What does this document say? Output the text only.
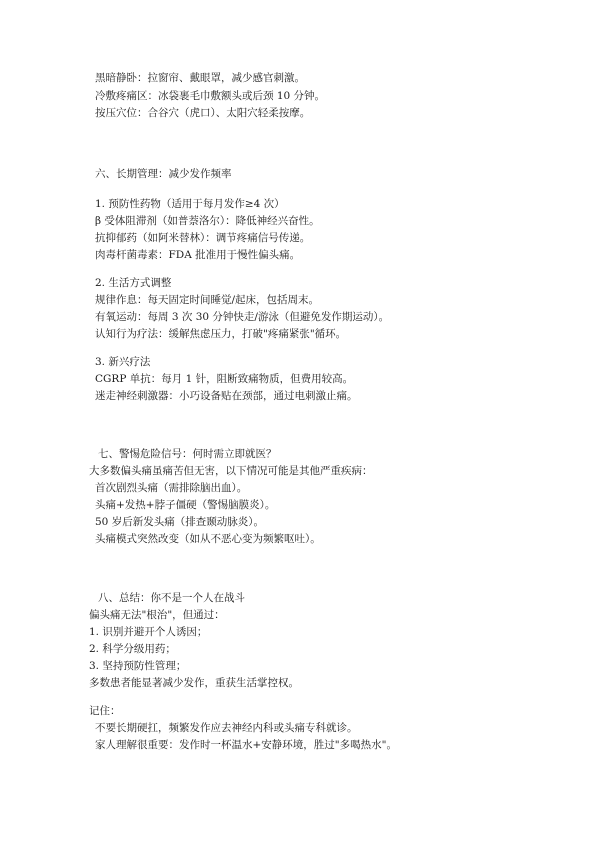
黑暗静卧：拉窗帘、戴眼罩，减少感官刺激。
冷敷疼痛区：冰袋裹毛巾敷额头或后颈 10 分钟。
按压穴位：合谷穴（虎口）、太阳穴轻柔按摩。
六、长期管理：减少发作频率
1. 预防性药物（适用于每月发作≥4 次）
β 受体阻滞剂（如普萘洛尔）：降低神经兴奋性。
抗抑郁药（如阿米替林）：调节疼痛信号传递。
肉毒杆菌毒素：FDA 批准用于慢性偏头痛。
2. 生活方式调整
规律作息：每天固定时间睡觉/起床，包括周末。
有氧运动：每周 3 次 30 分钟快走/游泳（但避免发作期运动）。
认知行为疗法：缓解焦虑压力，打破"疼痛紧张"循环。
3. 新兴疗法
CGRP 单抗：每月 1 针，阻断致痛物质，但费用较高。
迷走神经刺激器：小巧设备贴在颈部，通过电刺激止痛。
七、警惕危险信号：何时需立即就医？
大多数偏头痛虽痛苦但无害，以下情况可能是其他严重疾病：
首次剧烈头痛（需排除脑出血）。
头痛+发热+脖子僵硬（警惕脑膜炎）。
50 岁后新发头痛（排查颞动脉炎）。
头痛模式突然改变（如从不恶心变为频繁呕吐）。
八、总结：你不是一个人在战斗
偏头痛无法"根治"，但通过：
1. 识别并避开个人诱因；
2. 科学分级用药；
3. 坚持预防性管理；
多数患者能显著减少发作，重获生活掌控权。
记住：
不要长期硬扛，频繁发作应去神经内科或头痛专科就诊。
家人理解很重要：发作时一杯温水+安静环境，胜过"多喝热水"。
